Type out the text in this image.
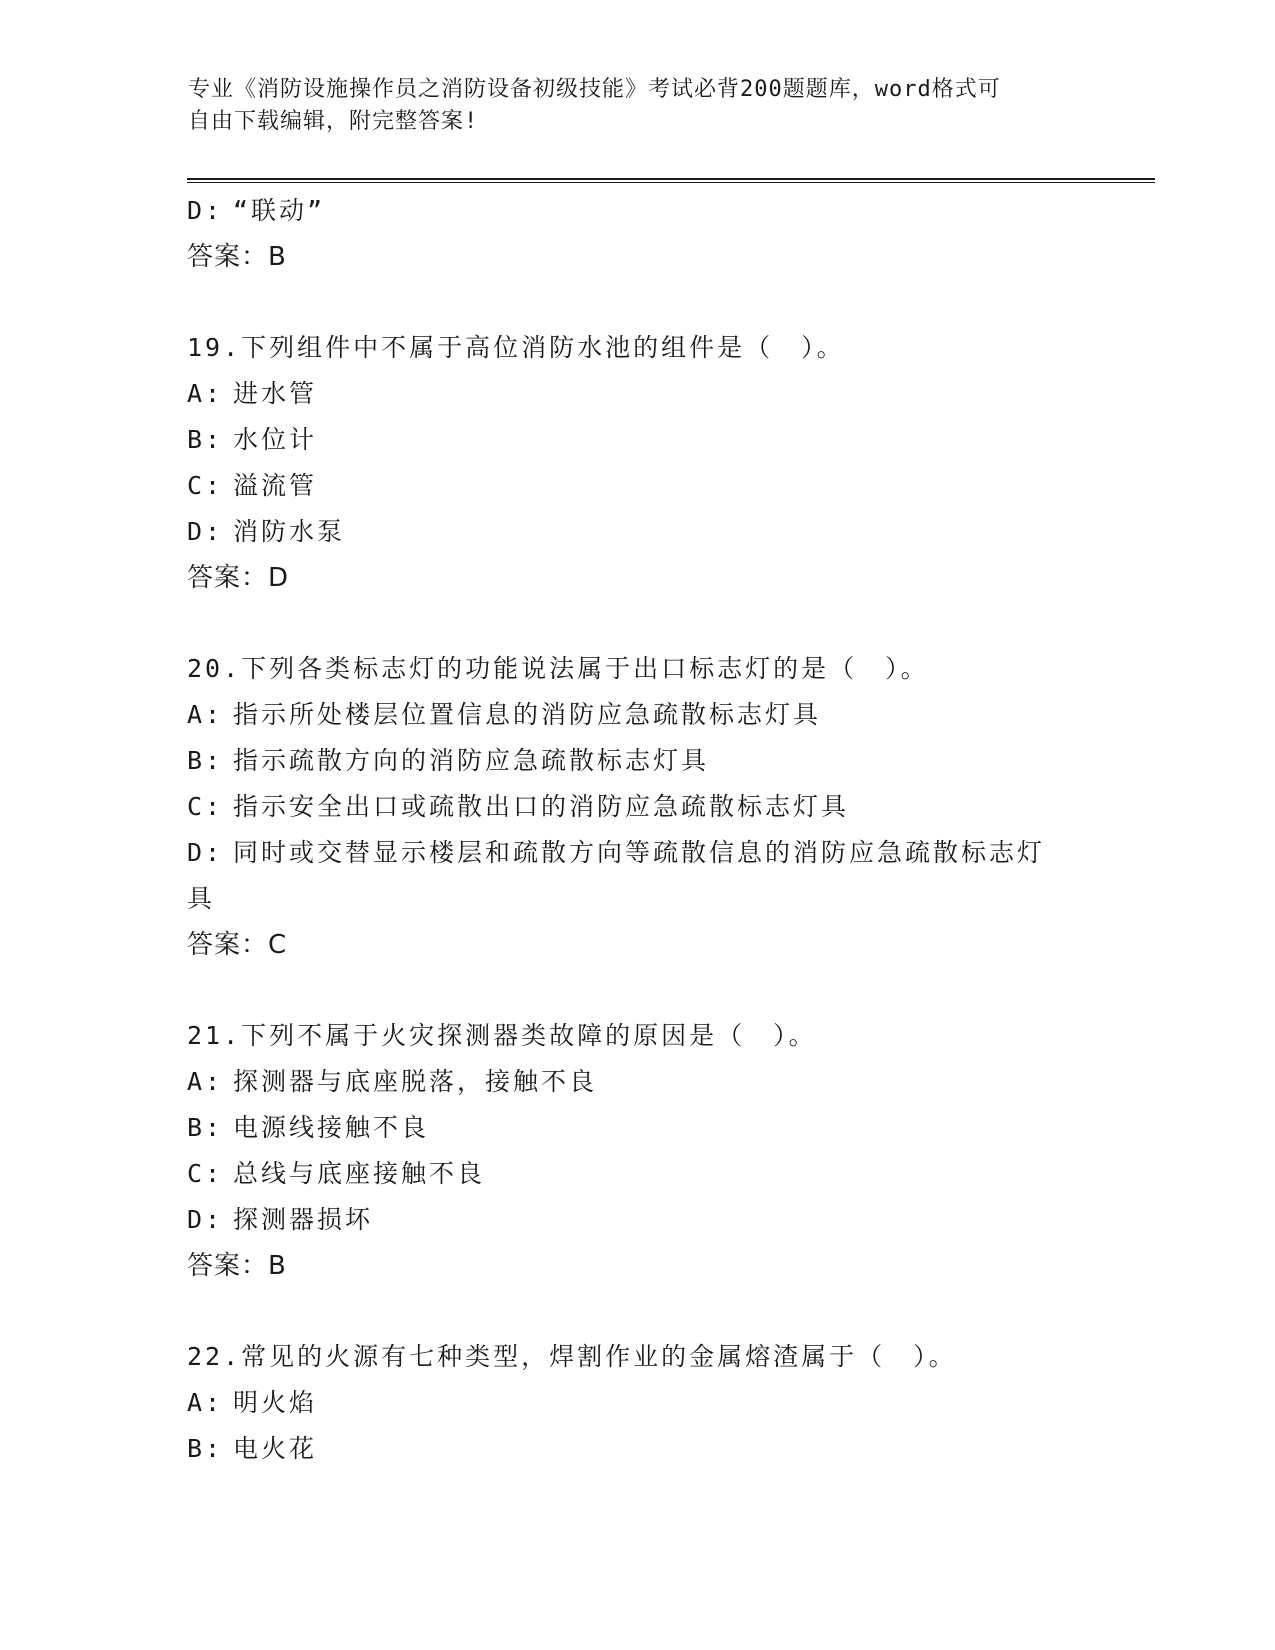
专业《消防设施操作员之消防设备初级技能》考试必背200题题库，word格式可
自由下载编辑，附完整答案!
D: “联动”
答案：B
19.下列组件中不属于高位消防水池的组件是（　）。
A: 进水管
B: 水位计
C: 溢流管
D: 消防水泵
答案：D
20.下列各类标志灯的功能说法属于出口标志灯的是（　）。
A: 指示所处楼层位置信息的消防应急疏散标志灯具
B: 指示疏散方向的消防应急疏散标志灯具
C: 指示安全出口或疏散出口的消防应急疏散标志灯具
D: 同时或交替显示楼层和疏散方向等疏散信息的消防应急疏散标志灯
具
答案：C
21.下列不属于火灾探测器类故障的原因是（　）。
A: 探测器与底座脱落，接触不良
B: 电源线接触不良
C: 总线与底座接触不良
D: 探测器损坏
答案：B
22.常见的火源有七种类型，焊割作业的金属熔渣属于（　）。
A: 明火焰
B: 电火花
